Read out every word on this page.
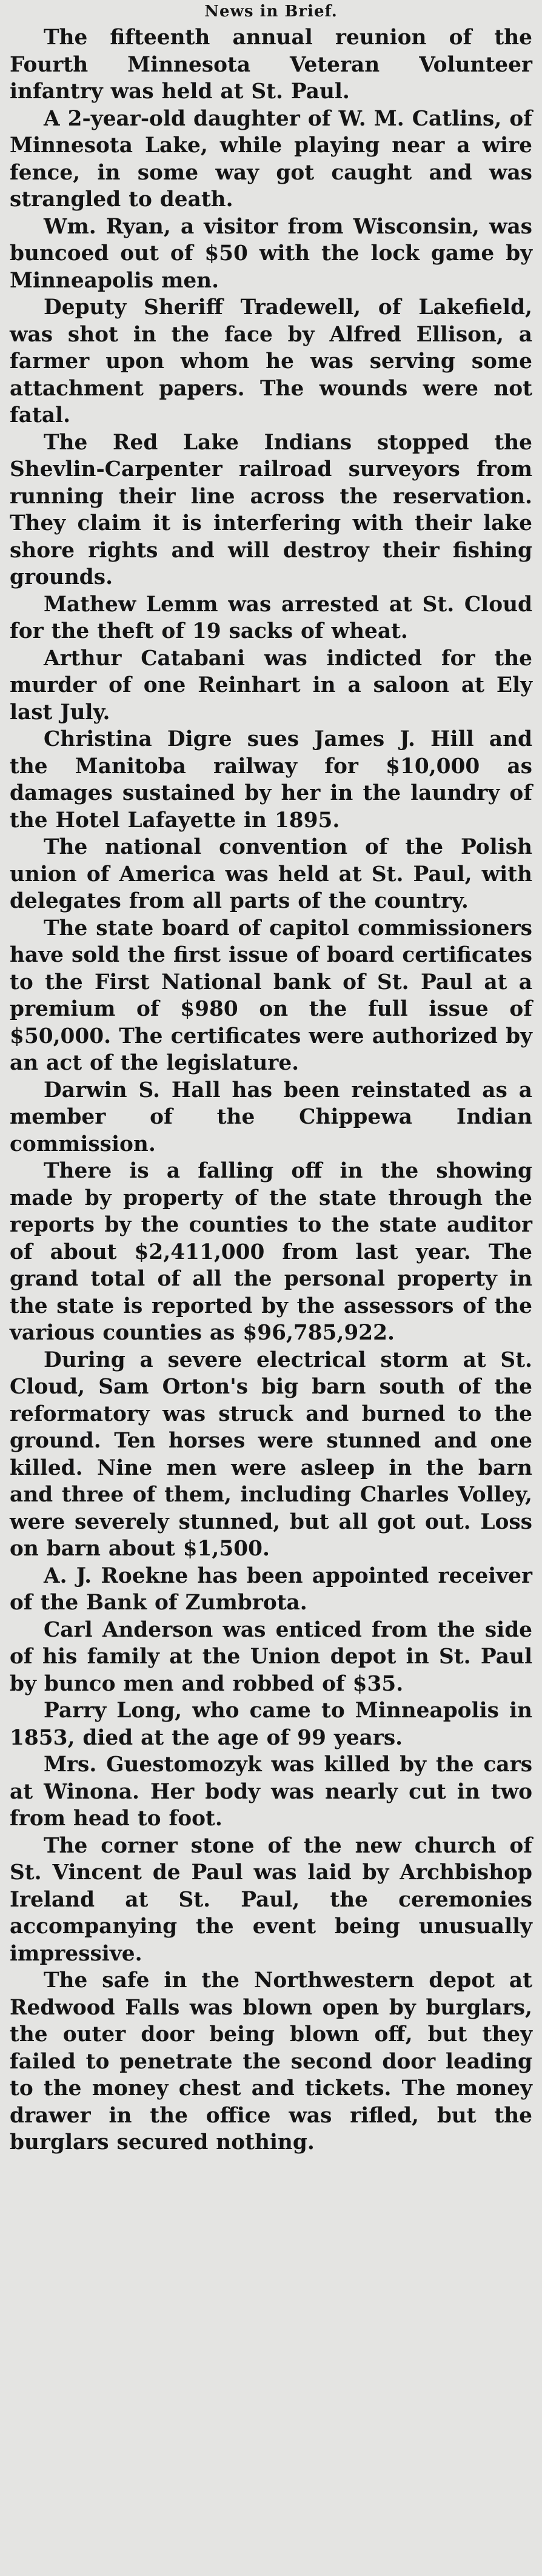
News in Brief.

The fifteenth annual reunion of the Fourth Minnesota Veteran Volunteer infantry was held at St. Paul.

A 2-year-old daughter of W. M. Catlins, of Minnesota Lake, while playing near a wire fence, in some way got caught and was strangled to death.

Wm. Ryan, a visitor from Wisconsin, was buncoed out of $50 with the lock game by Minneapolis men.

Deputy Sheriff Tradewell, of Lakefield, was shot in the face by Alfred Ellison, a farmer upon whom he was serving some attachment papers. The wounds were not fatal.

The Red Lake Indians stopped the Shevlin-Carpenter railroad surveyors from running their line across the reservation. They claim it is interfering with their lake shore rights and will destroy their fishing grounds.

Mathew Lemm was arrested at St. Cloud for the theft of 19 sacks of wheat.

Arthur Catabani was indicted for the murder of one Reinhart in a saloon at Ely last July.

Christina Digre sues James J. Hill and the Manitoba railway for $10,000 as damages sustained by her in the laundry of the Hotel Lafayette in 1895.

The national convention of the Polish union of America was held at St. Paul, with delegates from all parts of the country.

The state board of capitol commissioners have sold the first issue of board certificates to the First National bank of St. Paul at a premium of $980 on the full issue of $50,000. The certificates were authorized by an act of the legislature.

Darwin S. Hall has been reinstated as a member of the Chippewa Indian commission.

There is a falling off in the showing made by property of the state through the reports by the counties to the state auditor of about $2,411,000 from last year. The grand total of all the personal property in the state is reported by the assessors of the various counties as $96,785,922.

During a severe electrical storm at St. Cloud, Sam Orton's big barn south of the reformatory was struck and burned to the ground. Ten horses were stunned and one killed. Nine men were asleep in the barn and three of them, including Charles Volley, were severely stunned, but all got out. Loss on barn about $1,500.

A. J. Roekne has been appointed receiver of the Bank of Zumbrota.

Carl Anderson was enticed from the side of his family at the Union depot in St. Paul by bunco men and robbed of $35.

Parry Long, who came to Minneapolis in 1853, died at the age of 99 years.

Mrs. Guestomozyk was killed by the cars at Winona. Her body was nearly cut in two from head to foot.

The corner stone of the new church of St. Vincent de Paul was laid by Archbishop Ireland at St. Paul, the ceremonies accompanying the event being unusually impressive.

The safe in the Northwestern depot at Redwood Falls was blown open by burglars, the outer door being blown off, but they failed to penetrate the second door leading to the money chest and tickets. The money drawer in the office was rifled, but the burglars secured nothing.
